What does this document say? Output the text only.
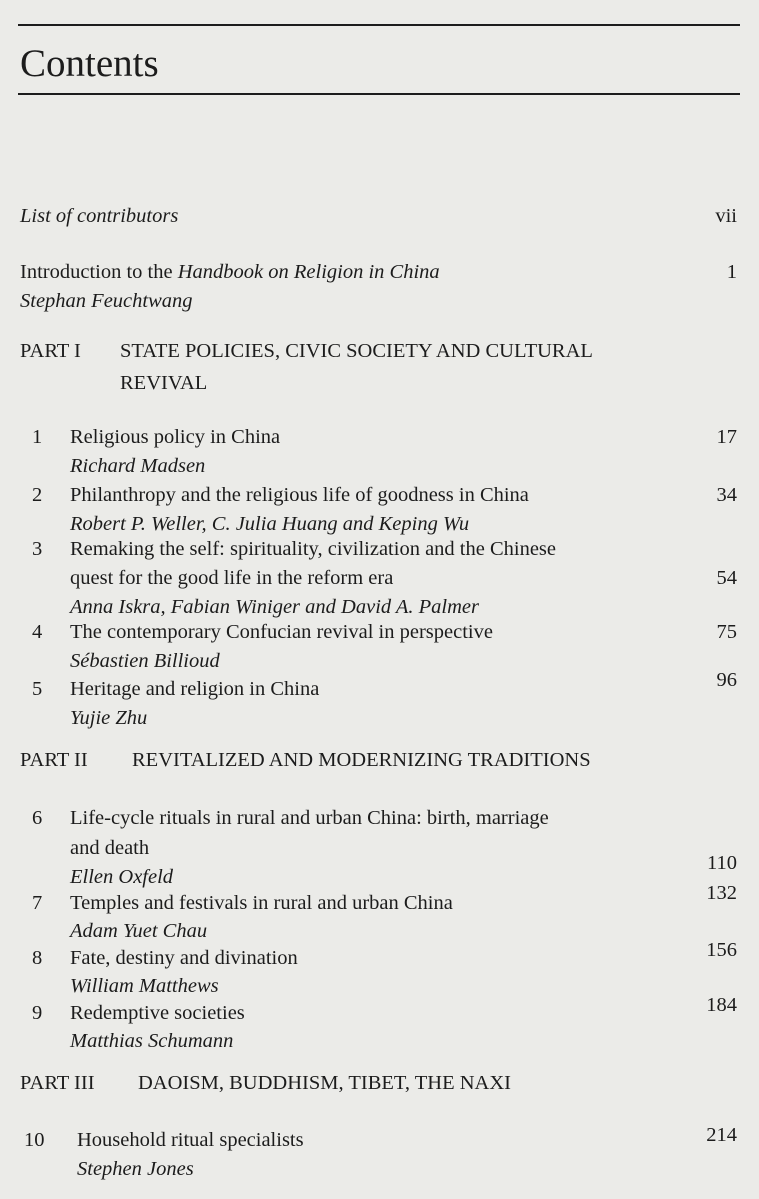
Contents
List of contributors	vii
Introduction to the Handbook on Religion in China	1
Stephan Feuchtwang
PART I STATE POLICIES, CIVIC SOCIETY AND CULTURAL
REVIVAL
1 Religious policy in China	17
Richard Madsen
2 Philanthropy and the religious life of goodness in China	34
Robert P. Weller, C. Julia Huang and Keping Wu
3 Remaking the self: spirituality, civilization and the Chinese
quest for the good life in the reform era	54
Anna Iskra, Fabian Winiger and David A. Palmer
4 The contemporary Confucian revival in perspective	75
Sébastien Billioud
5 Heritage and religion in China	96
Yujie Zhu
PART II REVITALIZED AND MODERNIZING TRADITIONS
6 Life-cycle rituals in rural and urban China: birth, marriage
and death
110
Ellen Oxfeld
7 Temples and festivals in rural and urban China	132
Adam Yuet Chau
8 Fate, destiny and divination	156
William Matthews
9 Redemptive societies	184
Matthias Schumann
PART III DAOISM, BUDDHISM, TIBET, THE NAXI
10 Household ritual specialists	214
Stephen Jones
